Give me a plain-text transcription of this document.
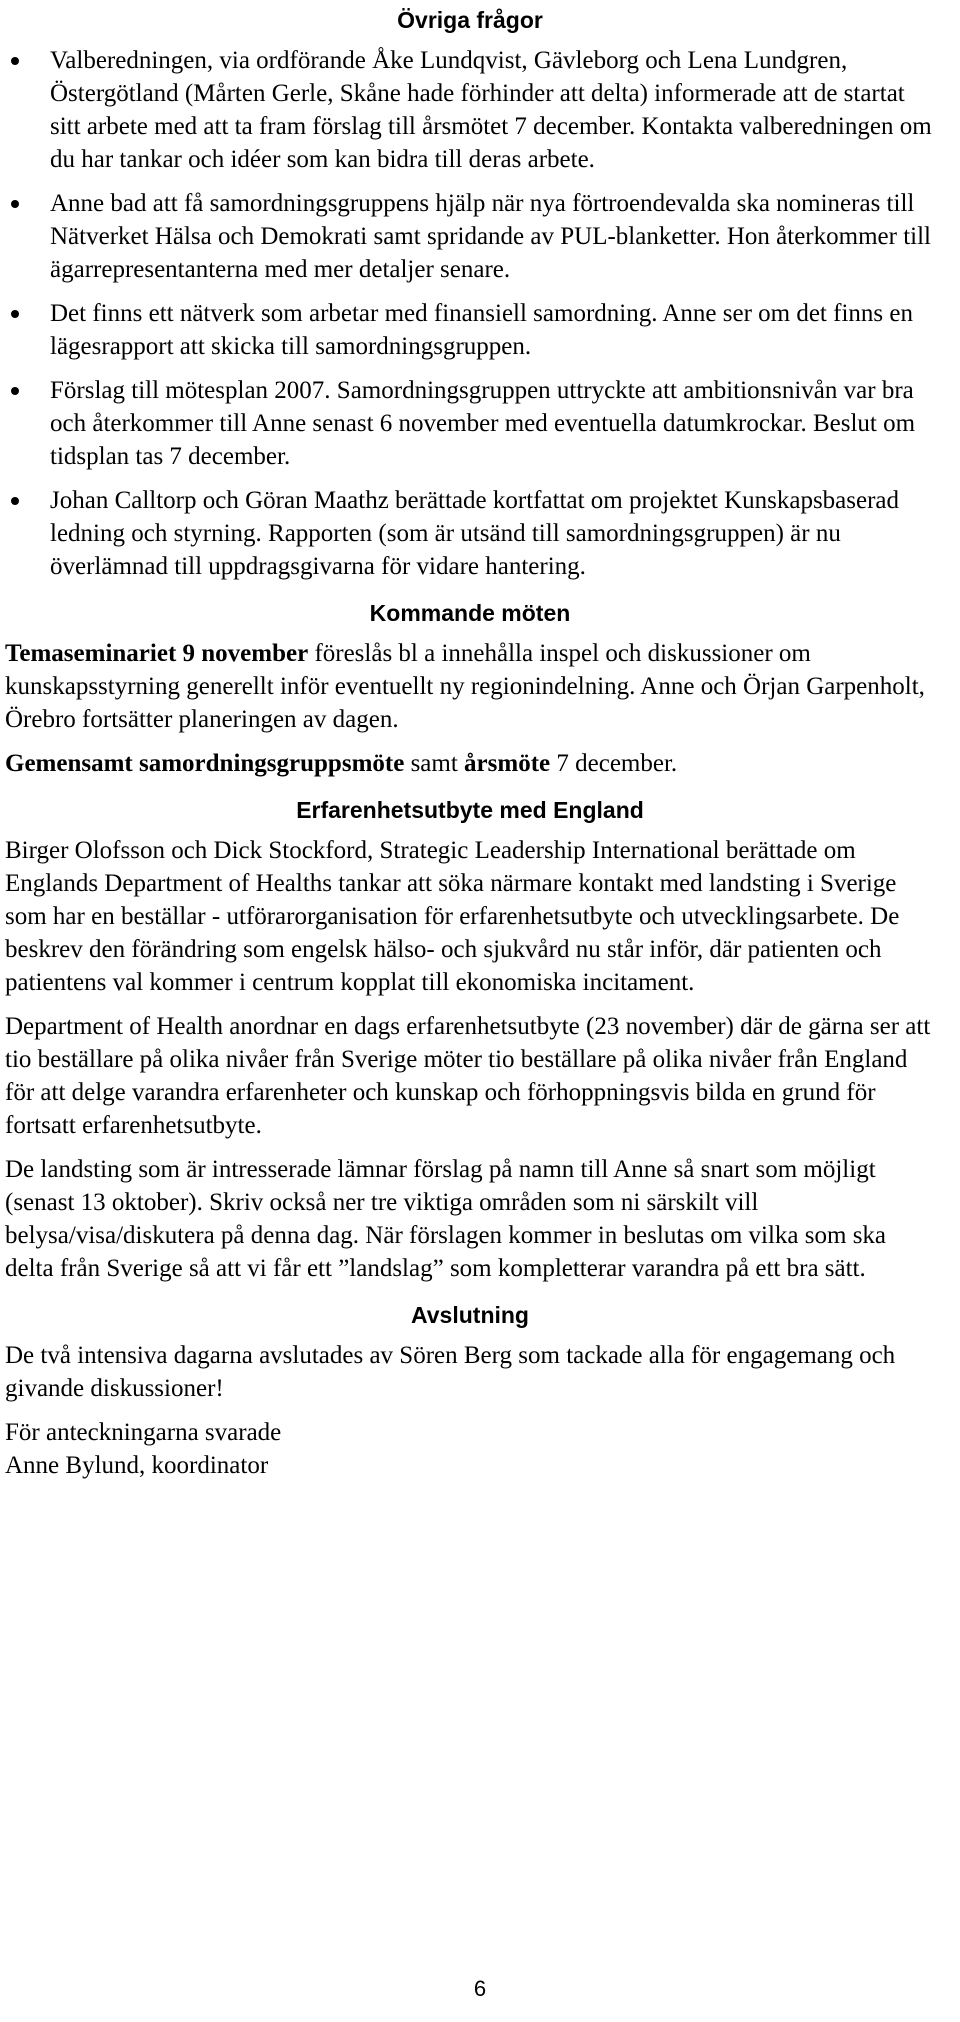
Övriga frågor

Valberedningen, via ordförande Åke Lundqvist, Gävleborg och Lena Lundgren, Östergötland (Mårten Gerle, Skåne hade förhinder att delta) informerade att de startat sitt arbete med att ta fram förslag till årsmötet 7 december. Kontakta valberedningen om du har tankar och idéer som kan bidra till deras arbete.

Anne bad att få samordningsgruppens hjälp när nya förtroendevalda ska nomineras till Nätverket Hälsa och Demokrati samt spridande av PUL-blanketter. Hon återkommer till ägarrepresentanterna med mer detaljer senare.

Det finns ett nätverk som arbetar med finansiell samordning. Anne ser om det finns en lägesrapport att skicka till samordningsgruppen.

Förslag till mötesplan 2007. Samordningsgruppen uttryckte att ambitionsnivån var bra och återkommer till Anne senast 6 november med eventuella datumkrockar. Beslut om tidsplan tas 7 december.

Johan Calltorp och Göran Maathz berättade kortfattat om projektet Kunskapsbaserad ledning och styrning. Rapporten (som är utsänd till samordningsgruppen) är nu överlämnad till uppdragsgivarna för vidare hantering.

Kommande möten

Temaseminariet 9 november föreslås bl a innehålla inspel och diskussioner om kunskapsstyrning generellt inför eventuellt ny regionindelning. Anne och Örjan Garpenholt, Örebro fortsätter planeringen av dagen.

Gemensamt samordningsgruppsmöte samt årsmöte 7 december.

Erfarenhetsutbyte med England

Birger Olofsson och Dick Stockford, Strategic Leadership International berättade om Englands Department of Healths tankar att söka närmare kontakt med landsting i Sverige som har en beställar - utförarorganisation för erfarenhetsutbyte och utvecklingsarbete. De beskrev den förändring som engelsk hälso- och sjukvård nu står inför, där patienten och patientens val kommer i centrum kopplat till ekonomiska incitament.

Department of Health anordnar en dags erfarenhetsutbyte (23 november) där de gärna ser att tio beställare på olika nivåer från Sverige möter tio beställare på olika nivåer från England för att delge varandra erfarenheter och kunskap och förhoppningsvis bilda en grund för fortsatt erfarenhetsutbyte.

De landsting som är intresserade lämnar förslag på namn till Anne så snart som möjligt (senast 13 oktober). Skriv också ner tre viktiga områden som ni särskilt vill belysa/visa/diskutera på denna dag. När förslagen kommer in beslutas om vilka som ska delta från Sverige så att vi får ett ”landslag” som kompletterar varandra på ett bra sätt.

Avslutning

De två intensiva dagarna avslutades av Sören Berg som tackade alla för engagemang och givande diskussioner!

För anteckningarna svarade
Anne Bylund, koordinator
6
